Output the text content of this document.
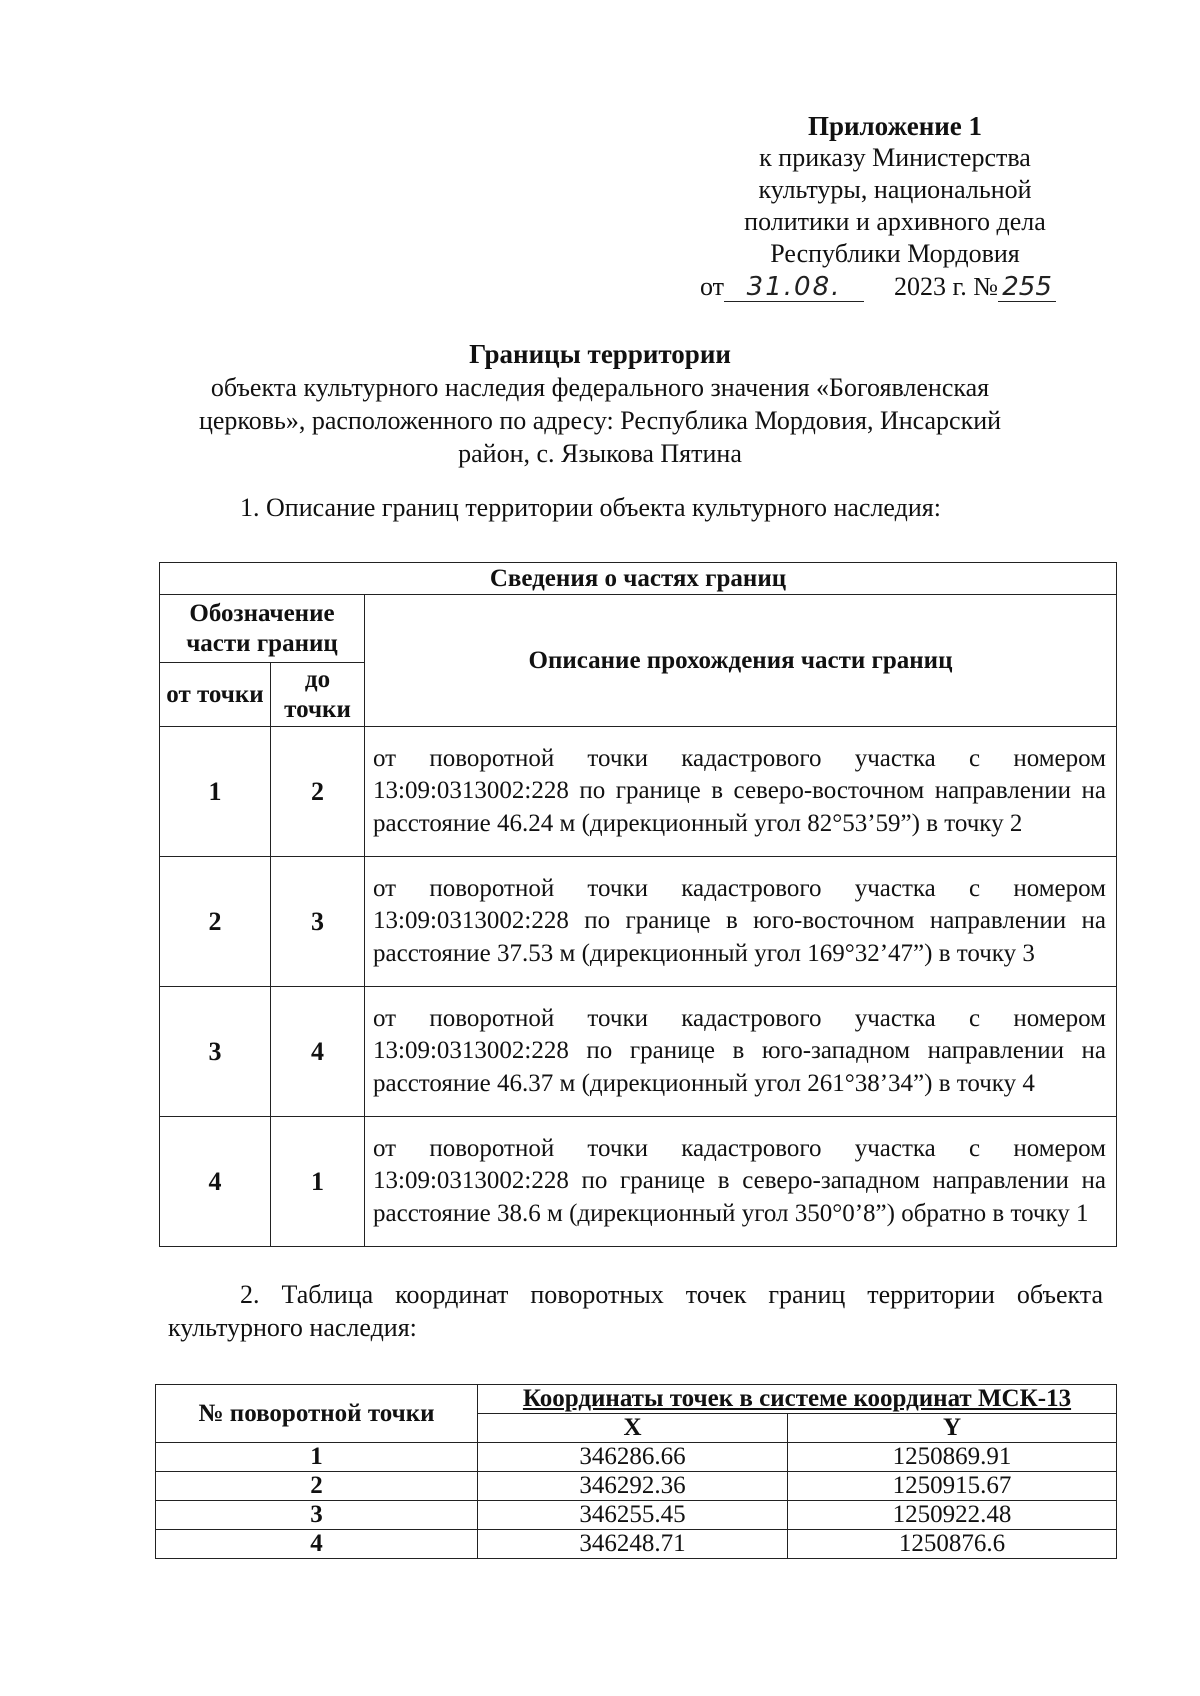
Приложение 1
к приказу Министерства
культуры, национальной
политики и архивного дела
Республики Мордовия
от 31.08. 2023 г. № 255
Границы территории
объекта культурного наследия федерального значения «Богоявленская
церковь», расположенного по адресу: Республика Мордовия, Инсарский
район, с. Языкова Пятина
1. Описание границ территории объекта культурного наследия:
Сведения о частях границ		
Обозначение части границ		Описание прохождения части границ
от точки	до точки	
1	2	от поворотной точки кадастрового участка с номером 13:09:0313002:228 по границе в северо-восточном направлении на расстояние 46.24 м (дирекционный угол 82°53’59”) в точку 2
2	3	от поворотной точки кадастрового участка с номером 13:09:0313002:228 по границе в юго-восточном направлении на расстояние 37.53 м (дирекционный угол 169°32’47”) в точку 3
3	4	от поворотной точки кадастрового участка с номером 13:09:0313002:228 по границе в юго-западном направлении на расстояние 46.37 м (дирекционный угол 261°38’34”) в точку 4
4	1	от поворотной точки кадастрового участка с номером 13:09:0313002:228 по границе в северо-западном направлении на расстояние 38.6 м (дирекционный угол 350°0’8”) обратно в точку 1
2. Таблица координат поворотных точек границ территории объекта культурного наследия:
№ поворотной точки	Координаты точек в системе координат МСК-13	
	X	Y
1	346286.66	1250869.91
2	346292.36	1250915.67
3	346255.45	1250922.48
4	346248.71	1250876.6
